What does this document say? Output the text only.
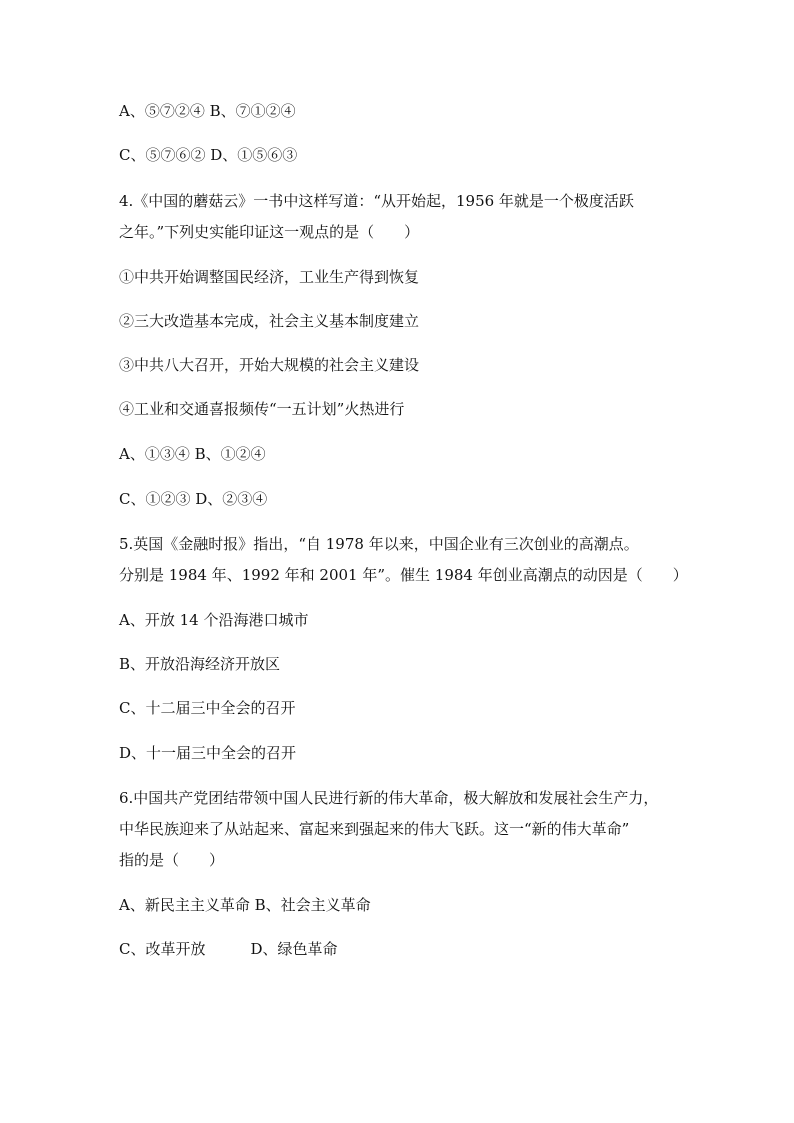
A、⑤⑦②④ B、⑦①②④
C、⑤⑦⑥② D、①⑤⑥③
4.《中国的蘑菇云》一书中这样写道：“从开始起，1956 年就是一个极度活跃
之年。”下列史实能印证这一观点的是（　　）
①中共开始调整国民经济，工业生产得到恢复
②三大改造基本完成，社会主义基本制度建立
③中共八大召开，开始大规模的社会主义建设
④工业和交通喜报频传“一五计划”火热进行
A、①③④ B、①②④
C、①②③ D、②③④
5.英国《金融时报》指出，“自 1978 年以来，中国企业有三次创业的高潮点。
分别是 1984 年、1992 年和 2001 年”。催生 1984 年创业高潮点的动因是（　　）
A、开放 14 个沿海港口城市
B、开放沿海经济开放区
C、十二届三中全会的召开
D、十一届三中全会的召开
6.中国共产党团结带领中国人民进行新的伟大革命，极大解放和发展社会生产力，
中华民族迎来了从站起来、富起来到强起来的伟大飞跃。这一“新的伟大革命”
指的是（　　）
A、新民主主义革命 B、社会主义革命
C、改革开放　　　D、绿色革命
